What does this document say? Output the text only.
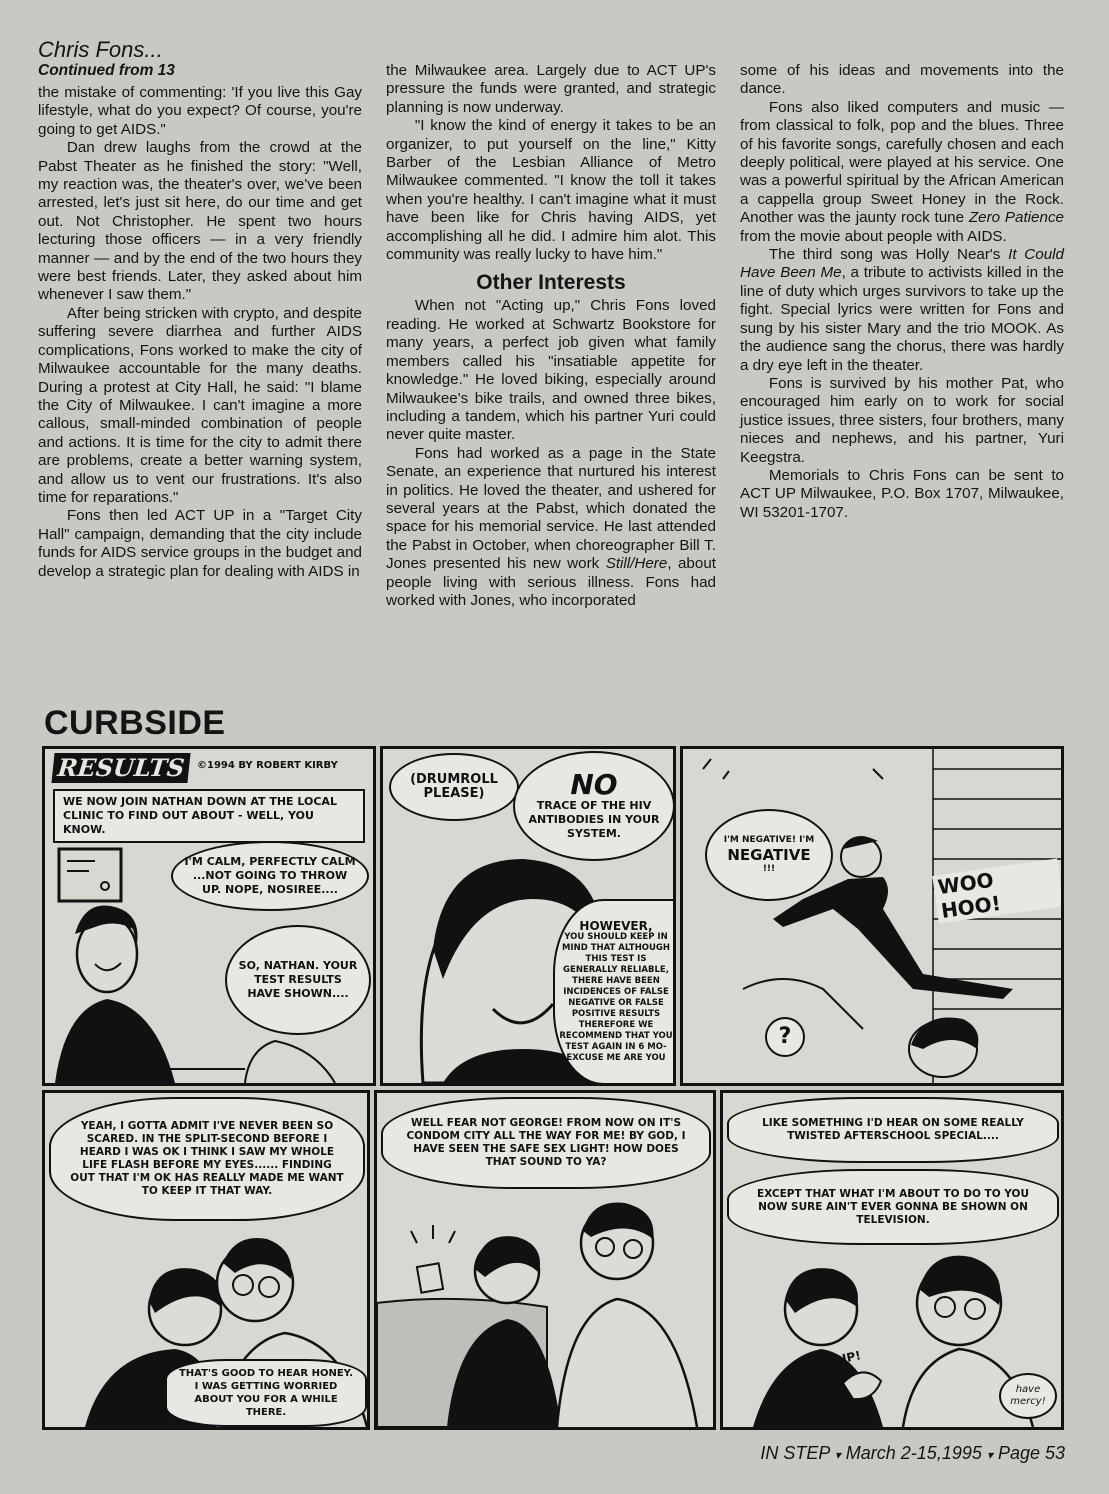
Chris Fons...
Continued from 13

the mistake of commenting: 'If you live this Gay lifestyle, what do you expect? Of course, you're going to get AIDS."

Dan drew laughs from the crowd at the Pabst Theater as he finished the story: "Well, my reaction was, the theater's over, we've been arrested, let's just sit here, do our time and get out. Not Christopher. He spent two hours lecturing those officers — in a very friendly manner — and by the end of the two hours they were best friends. Later, they asked about him whenever I saw them."

After being stricken with crypto, and despite suffering severe diarrhea and further AIDS complications, Fons worked to make the city of Milwaukee accountable for the many deaths. During a protest at City Hall, he said: "I blame the City of Milwaukee. I can't imagine a more callous, small-minded combination of people and actions. It is time for the city to admit there are problems, create a better warning system, and allow us to vent our frustrations. It's also time for reparations."

Fons then led ACT UP in a "Target City Hall" campaign, demanding that the city include funds for AIDS service groups in the budget and develop a strategic plan for dealing with AIDS in

the Milwaukee area. Largely due to ACT UP's pressure the funds were granted, and strategic planning is now underway.

"I know the kind of energy it takes to be an organizer, to put yourself on the line," Kitty Barber of the Lesbian Alliance of Metro Milwaukee commented. "I know the toll it takes when you're healthy. I can't imagine what it must have been like for Chris having AIDS, yet accomplishing all he did. I admire him alot. This community was really lucky to have him."

Other Interests

When not "Acting up," Chris Fons loved reading. He worked at Schwartz Bookstore for many years, a perfect job given what family members called his "insatiable appetite for knowledge." He loved biking, especially around Milwaukee's bike trails, and owned three bikes, including a tandem, which his partner Yuri could never quite master.

Fons had worked as a page in the State Senate, an experience that nurtured his interest in politics. He loved the theater, and ushered for several years at the Pabst, which donated the space for his memorial service. He last attended the Pabst in October, when choreographer Bill T. Jones presented his new work Still/Here, about people living with serious illness. Fons had worked with Jones, who incorporated

some of his ideas and movements into the dance.

Fons also liked computers and music — from classical to folk, pop and the blues. Three of his favorite songs, carefully chosen and each deeply political, were played at his service. One was a powerful spiritual by the African American a cappella group Sweet Honey in the Rock. Another was the jaunty rock tune Zero Patience from the movie about people with AIDS.

The third song was Holly Near's It Could Have Been Me, a tribute to activists killed in the line of duty which urges survivors to take up the fight. Special lyrics were written for Fons and sung by his sister Mary and the trio MOOK. As the audience sang the chorus, there was hardly a dry eye left in the theater.

Fons is survived by his mother Pat, who encouraged him early on to work for social justice issues, three sisters, four brothers, many nieces and nephews, and his partner, Yuri Keegstra.

Memorials to Chris Fons can be sent to ACT UP Milwaukee, P.O. Box 1707, Milwaukee, WI 53201-1707.

CURBSIDE
RESULTS	©1994 BY ROBERT KIRBY
WE NOW JOIN NATHAN DOWN AT THE LOCAL CLINIC TO FIND OUT ABOUT - WELL, YOU KNOW.
I'M CALM, PERFECTLY CALM ...NOT GOING TO THROW UP. NOPE, NOSIREE....
SO, NATHAN. YOUR TEST RESULTS HAVE SHOWN....
(DRUMROLL PLEASE)	NO
TRACE OF THE HIV ANTIBODIES IN YOUR SYSTEM.
HOWEVER,
YOU SHOULD KEEP IN MIND THAT ALTHOUGH THIS TEST IS GENERALLY RELIABLE, THERE HAVE BEEN INCIDENCES OF FALSE NEGATIVE OR FALSE POSITIVE RESULTS THEREFORE WE RECOMMEND THAT YOU TEST AGAIN IN 6 MO- EXCUSE ME ARE YOU
I'M NEGATIVE! I'M
NEGATIVE
!!!	WOO HOO!
?
YEAH, I GOTTA ADMIT I'VE NEVER BEEN SO SCARED. IN THE SPLIT-SECOND BEFORE I HEARD I WAS OK I THINK I SAW MY WHOLE LIFE FLASH BEFORE MY EYES...... FINDING OUT THAT I'M OK HAS REALLY MADE ME WANT TO KEEP IT THAT WAY.
THAT'S GOOD TO HEAR HONEY. I WAS GETTING WORRIED ABOUT YOU FOR A WHILE THERE.
WELL FEAR NOT GEORGE! FROM NOW ON IT'S CONDOM CITY ALL THE WAY FOR ME! BY GOD, I HAVE SEEN THE SAFE SEX LIGHT! HOW DOES THAT SOUND TO YA?
LIKE SOMETHING I'D HEAR ON SOME REALLY TWISTED AFTERSCHOOL SPECIAL....
EXCEPT THAT WHAT I'M ABOUT TO DO TO YOU NOW SURE AIN'T EVER GONNA BE SHOWN ON TELEVISION.
RIP!
have mercy!
IN STEP ▾ March 2-15,1995 ▾ Page 53
